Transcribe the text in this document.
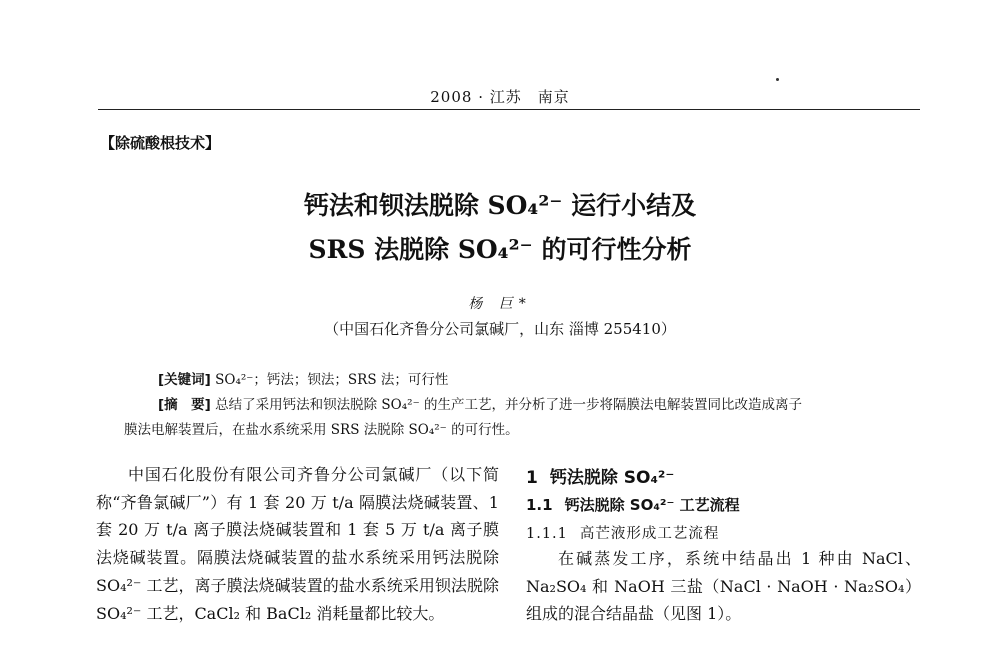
2008 · 江苏　南京
【除硫酸根技术】
钙法和钡法脱除 SO₄²⁻ 运行小结及
SRS 法脱除 SO₄²⁻ 的可行性分析
杨 巨*
（中国石化齐鲁分公司氯碱厂，山东 淄博 255410）
[关键词] SO₄²⁻；钙法；钡法；SRS 法；可行性
[摘　要] 总结了采用钙法和钡法脱除 SO₄²⁻ 的生产工艺，并分析了进一步将隔膜法电解装置同比改造成离子
膜法电解装置后，在盐水系统采用 SRS 法脱除 SO₄²⁻ 的可行性。

中国石化股份有限公司齐鲁分公司氯碱厂（以下简称“齐鲁氯碱厂”）有 1 套 20 万 t/a 隔膜法烧碱装置、1 套 20 万 t/a 离子膜法烧碱装置和 1 套 5 万 t/a 离子膜法烧碱装置。隔膜法烧碱装置的盐水系统采用钙法脱除 SO₄²⁻ 工艺，离子膜法烧碱装置的盐水系统采用钡法脱除 SO₄²⁻ 工艺，CaCl₂ 和 BaCl₂ 消耗量都比较大。

1 钙法脱除 SO₄²⁻
1.1 钙法脱除 SO₄²⁻ 工艺流程
1.1.1 高芒液形成工艺流程

在碱蒸发工序，系统中结晶出 1 种由 NaCl、Na₂SO₄ 和 NaOH 三盐（NaCl · NaOH · Na₂SO₄）组成的混合结晶盐（见图 1）。
